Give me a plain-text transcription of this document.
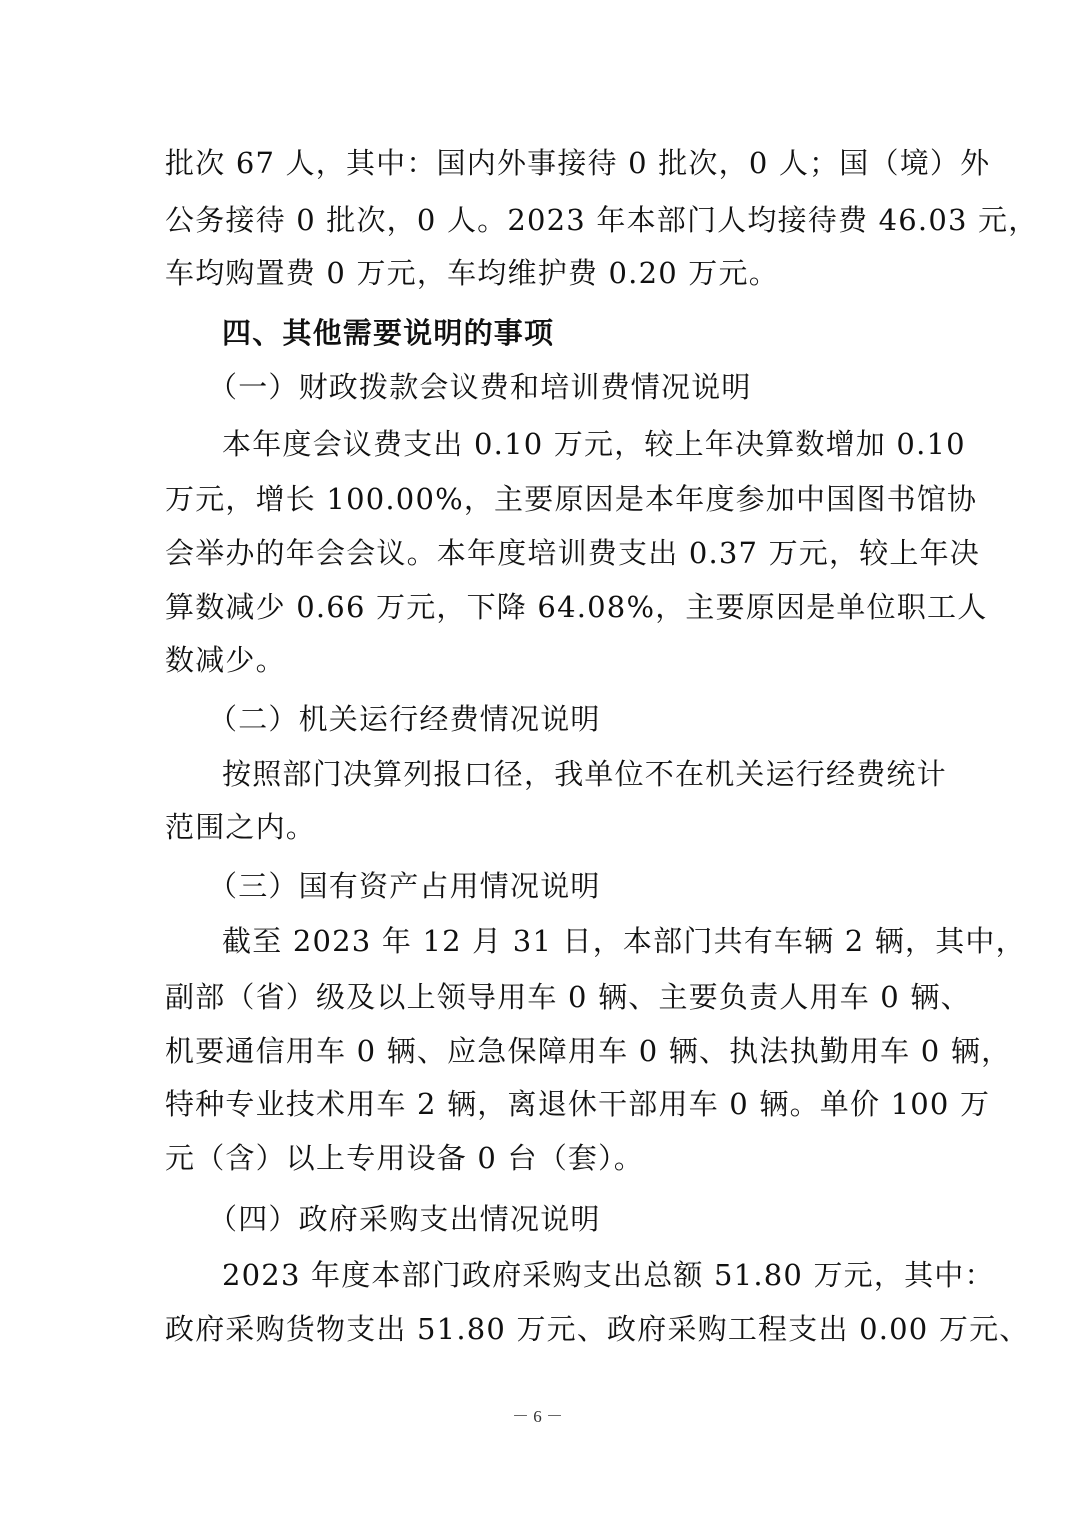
批次 67 人，其中：国内外事接待 0 批次，0 人；国（境）外
公务接待 0 批次，0 人。2023 年本部门人均接待费 46.03 元，
车均购置费 0 万元，车均维护费 0.20 万元。
四、其他需要说明的事项
（一）财政拨款会议费和培训费情况说明
本年度会议费支出 0.10 万元，较上年决算数增加 0.10
万元，增长 100.00%，主要原因是本年度参加中国图书馆协
会举办的年会会议。本年度培训费支出 0.37 万元，较上年决
算数减少 0.66 万元，下降 64.08%，主要原因是单位职工人
数减少。
（二）机关运行经费情况说明
按照部门决算列报口径，我单位不在机关运行经费统计
范围之内。
（三）国有资产占用情况说明
截至 2023 年 12 月 31 日，本部门共有车辆 2 辆，其中，
副部（省）级及以上领导用车 0 辆、主要负责人用车 0 辆、
机要通信用车 0 辆、应急保障用车 0 辆、执法执勤用车 0 辆，
特种专业技术用车 2 辆，离退休干部用车 0 辆。单价 100 万
元（含）以上专用设备 0 台（套）。
（四）政府采购支出情况说明
2023 年度本部门政府采购支出总额 51.80 万元，其中：
政府采购货物支出 51.80 万元、政府采购工程支出 0.00 万元、
－ 6 －
